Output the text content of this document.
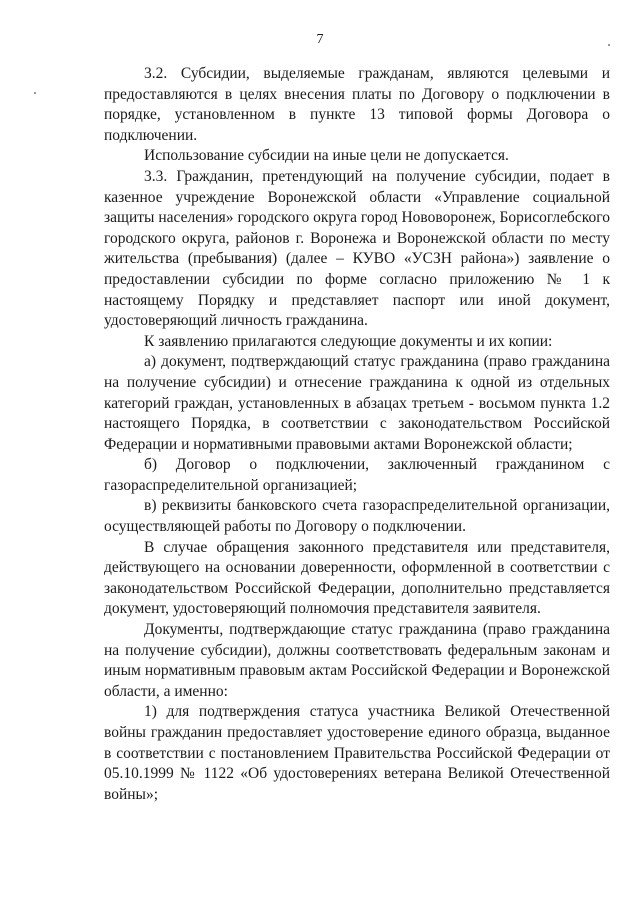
7

3.2. Субсидии, выделяемые гражданам, являются целевыми и предоставляются в целях внесения платы по Договору о подключении в порядке, установленном в пункте 13 типовой формы Договора о подключении.

Использование субсидии на иные цели не допускается.

3.3. Гражданин, претендующий на получение субсидии, подает в казенное учреждение Воронежской области «Управление социальной защиты населения» городского округа город Нововоронеж, Борисоглебского городского округа, районов г. Воронежа и Воронежской области по месту жительства (пребывания) (далее – КУВО «УСЗН района») заявление о предоставлении субсидии по форме согласно приложению № 1 к настоящему Порядку и представляет паспорт или иной документ, удостоверяющий личность гражданина.

К заявлению прилагаются следующие документы и их копии:

а) документ, подтверждающий статус гражданина (право гражданина на получение субсидии) и отнесение гражданина к одной из отдельных категорий граждан, установленных в абзацах третьем - восьмом пункта 1.2 настоящего Порядка, в соответствии с законодательством Российской Федерации и нормативными правовыми актами Воронежской области;

б) Договор о подключении, заключенный гражданином с газораспределительной организацией;

в) реквизиты банковского счета газораспределительной организации, осуществляющей работы по Договору о подключении.

В случае обращения законного представителя или представителя, действующего на основании доверенности, оформленной в соответствии с законодательством Российской Федерации, дополнительно представляется документ, удостоверяющий полномочия представителя заявителя.

Документы, подтверждающие статус гражданина (право гражданина на получение субсидии), должны соответствовать федеральным законам и иным нормативным правовым актам Российской Федерации и Воронежской области, а именно:

1) для подтверждения статуса участника Великой Отечественной войны гражданин предоставляет удостоверение единого образца, выданное в соответствии с постановлением Правительства Российской Федерации от 05.10.1999 № 1122 «Об удостоверениях ветерана Великой Отечественной войны»;
